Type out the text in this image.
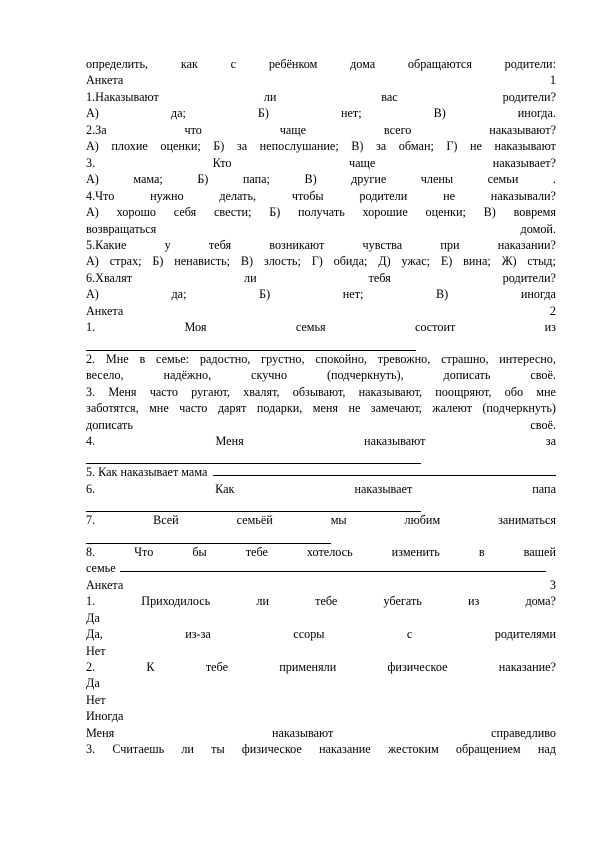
определить,	как	с	ребёнком	дома	обращаются	родители:
Анкета	1
1.Наказывают	ли	вас	родители?
А)	да;	Б)	нет;	В)	иногда.
2.За	что	чаще	всего	наказывают?
А) плохие оценки; Б) за непослушание; В) за обман; Г) не наказывают
3.	Кто	чаще	наказывает?
А)	мама;	Б)	папа;	В)	другие	члены	семьи	.
4.Что	нужно	делать,	чтобы	родители	не	наказывали?
А) хорошо себя свести; Б) получать хорошие оценки; В) вовремя
возвращаться	домой.
5.Какие	у	тебя	возникают	чувства	при	наказании?
А) страх; Б) ненависть; В) злость; Г) обида; Д) ужас; Е) вина; Ж) стыд;
6.Хвалят	ли	тебя	родители?
А)	да;	Б)	нет;	В)	иногда
Анкета	2
1.	Моя	семья	состоит	из
2. Мне в семье: радостно, грустно, спокойно, тревожно, страшно, интересно,
весело,	надёжно,	скучно	(подчеркнуть),	дописать	своё.
3. Меня часто ругают, хвалят, обзывают, наказывают, поощряют, обо мне
заботятся, мне часто дарят подарки, меня не замечают, жалеют (подчеркнуть)
дописать	своё.
4.	Меня	наказывают	за
5. Как наказывает мама
6.	Как	наказывает	папа
7.	Всей	семьёй	мы	любим	заниматься
8.	Что	бы	тебе	хотелось	изменить	в	вашей
семье
Анкета	3
1.	Приходилось	ли	тебе	убегать	из	дома?
Да
Да,	из-за	ссоры	с	родителями
Нет
2.	К	тебе	применяли	физическое	наказание?
Да
Нет
Иногда
Меня	наказывают	справедливо
3. Считаешь ли ты физическое наказание жестоким обращением над
